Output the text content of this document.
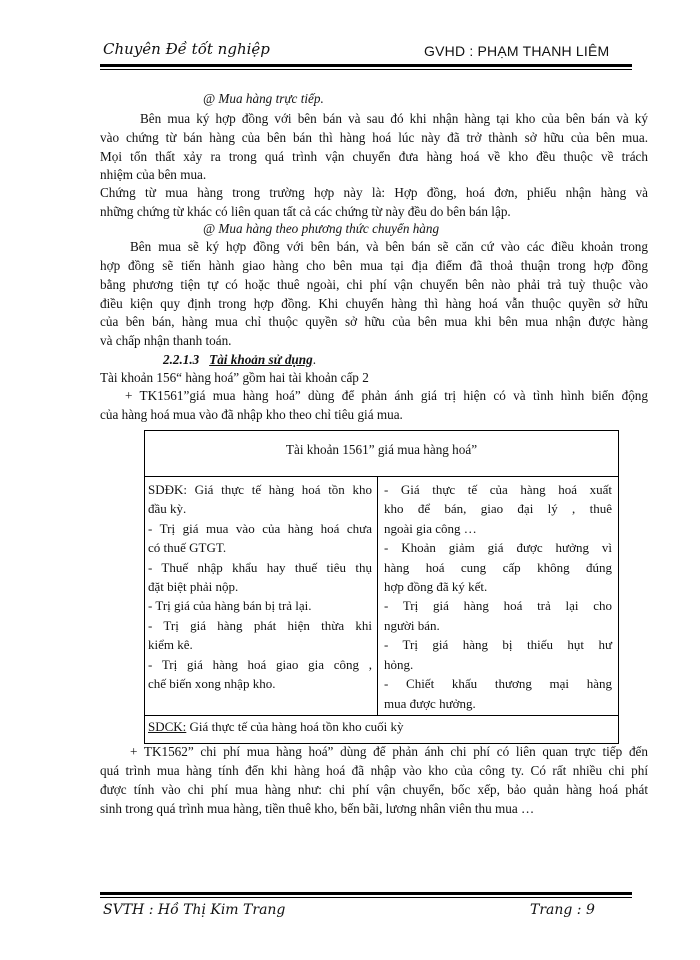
Chuyên Đề tốt nghiệp	GVHD : PHẠM THANH LIÊM
@ Mua hàng trực tiếp.
Bên mua ký hợp đồng với bên bán và sau đó khi nhận hàng tại kho của bên bán và ký
vào chứng từ bán hàng của bên bán thì hàng hoá lúc này đã trở thành sở hữu của bên mua.
Mọi tổn thất xảy ra trong quá trình vận chuyển đưa hàng hoá về kho đều thuộc về trách
nhiệm của bên mua.
Chứng từ mua hàng trong trường hợp này là: Hợp đồng, hoá đơn, phiếu nhận hàng và
những chứng từ khác có liên quan tất cả các chứng từ này đều do bên bán lập.
@ Mua hàng theo phương thức chuyển hàng
Bên mua sẽ ký hợp đồng với bên bán, và bên bán sẽ căn cứ vào các điều khoản trong
hợp đồng sẽ tiến hành giao hàng cho bên mua tại địa điểm đã thoả thuận trong hợp đồng
bằng phương tiện tự có hoặc thuê ngoài, chi phí vận chuyển bên nào phải trả tuỳ thuộc vào
điều kiện quy định trong hợp đồng. Khi chuyển hàng thì hàng hoá vẫn thuộc quyền sở hữu
của bên bán, hàng mua chỉ thuộc quyền sở hữu của bên mua khi bên mua nhận được hàng
và chấp nhận thanh toán.
2.2.1.3 Tài khoản sử dụng.
Tài khoản 156“ hàng hoá” gồm hai tài khoản cấp 2
+ TK1561”giá mua hàng hoá” dùng để phản ánh giá trị hiện có và tình hình biến động
của hàng hoá mua vào đã nhập kho theo chỉ tiêu giá mua.
Tài khoản 1561” giá mua hàng hoá”
SDĐK: Giá thực tế hàng hoá tồn kho
đầu kỳ.
- Trị giá mua vào của hàng hoá chưa
có thuế GTGT.
- Thuế nhập khẩu hay thuế tiêu thụ
đặt biệt phải nộp.
- Trị giá của hàng bán bị trả lại.
- Trị giá hàng phát hiện thừa khi
kiểm kê.
- Giá thực tế của hàng hoá xuất
kho để bán, giao đại lý , thuê
ngoài gia công …
- Khoản giảm giá được hưởng vì
hàng hoá cung cấp không đúng
hợp đồng đã ký kết.
- Trị giá hàng hoá trả lại cho
người bán.
- Trị giá hàng bị thiếu hụt hư
SDCK: Giá thực tế của hàng hoá tồn kho cuối kỳ
- Trị giá hàng hoá giao gia công ,
chế biến xong nhập kho.
hỏng.
- Chiết khấu thương mại hàng
mua được hưởng.
+ TK1562” chi phí mua hàng hoá” dùng để phản ánh chi phí có liên quan trực tiếp đến
quá trình mua hàng tính đến khi hàng hoá đã nhập vào kho của công ty. Có rất nhiều chi phí
được tính vào chi phí mua hàng như: chi phí vận chuyển, bốc xếp, bảo quản hàng hoá phát
sinh trong quá trình mua hàng, tiền thuê kho, bến bãi, lương nhân viên thu mua …
SVTH : Hồ Thị Kim Trang	Trang : 9
